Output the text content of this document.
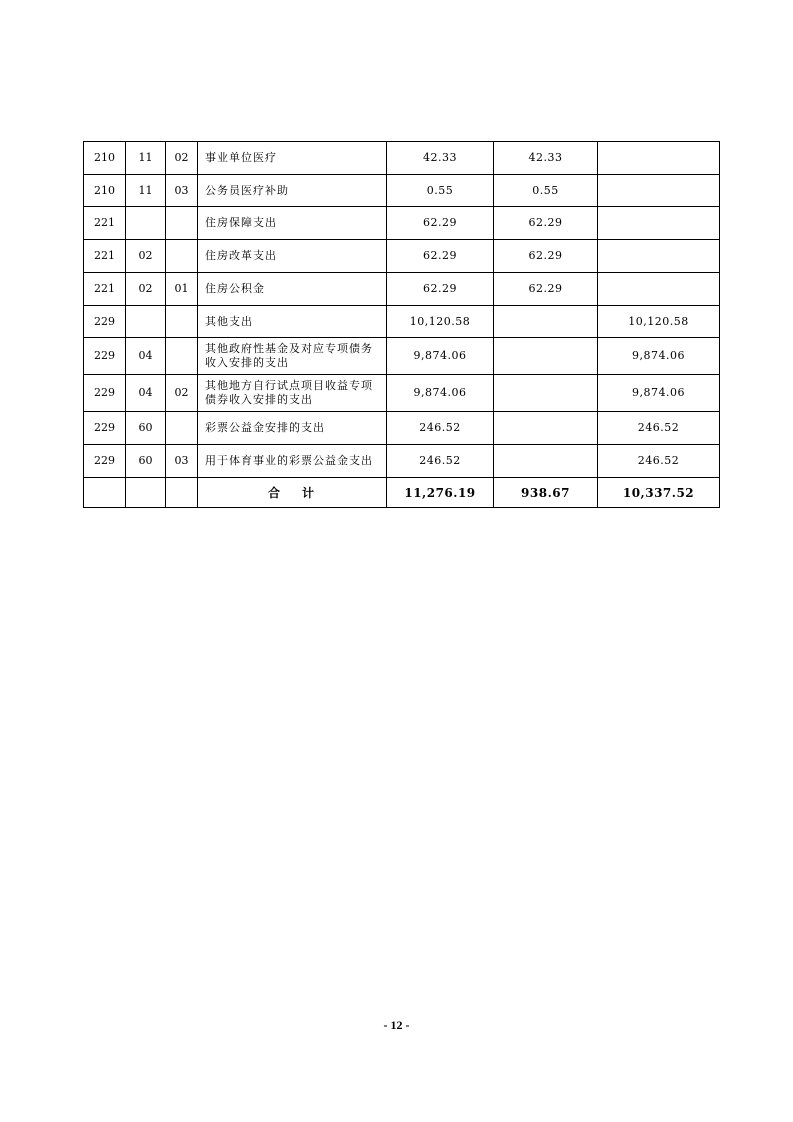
210	11	02	事业单位医疗	42.33	42.33	
210	11	03	公务员医疗补助	0.55	0.55	
221			住房保障支出	62.29	62.29	
221	02		住房改革支出	62.29	62.29	
221	02	01	住房公积金	62.29	62.29	
229			其他支出	10,120.58		10,120.58
229	04		其他政府性基金及对应专项债务收入安排的支出	9,874.06		9,874.06
229	04	02	其他地方自行试点项目收益专项债券收入安排的支出	9,874.06		9,874.06
229	60		彩票公益金安排的支出	246.52		246.52
229	60	03	用于体育事业的彩票公益金支出	246.52		246.52
			合计	11,276.19	938.67	10,337.52
- 12 -
